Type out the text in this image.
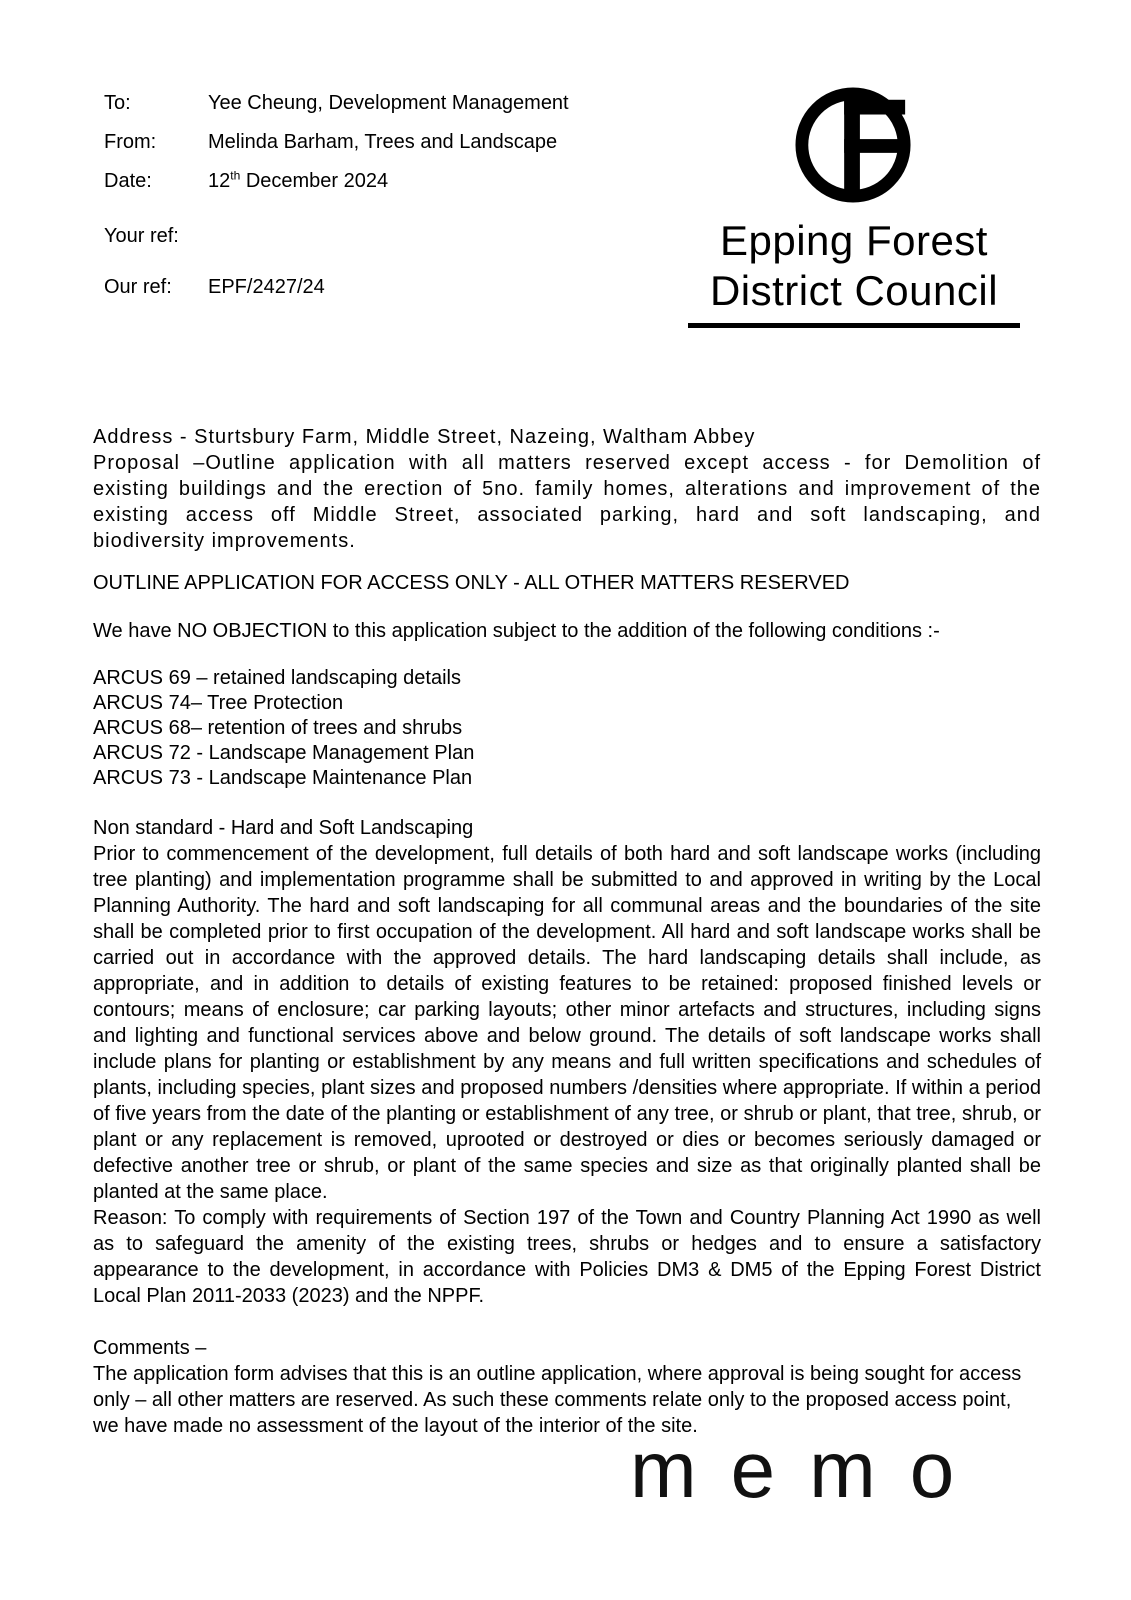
To:	Yee Cheung, Development Management
From:	Melinda Barham, Trees and Landscape
Date:	12th December 2024
Your ref:
Our ref:	EPF/2427/24
Epping Forest
District Council
Address - Sturtsbury Farm, Middle Street, Nazeing, Waltham Abbey
Proposal –Outline application with all matters reserved except access - for Demolition of existing buildings and the erection of 5no. family homes, alterations and improvement of the existing access off Middle Street, associated parking, hard and soft landscaping, and biodiversity improvements.
OUTLINE APPLICATION FOR ACCESS ONLY - ALL OTHER MATTERS RESERVED
We have NO OBJECTION to this application subject to the addition of the following conditions :-
ARCUS 69 – retained landscaping details
ARCUS 74– Tree Protection
ARCUS 68– retention of trees and shrubs
ARCUS 72 - Landscape Management Plan
ARCUS 73 - Landscape Maintenance Plan
Non standard - Hard and Soft Landscaping
Prior to commencement of the development, full details of both hard and soft landscape works (including tree planting) and implementation programme shall be submitted to and approved in writing by the Local Planning Authority. The hard and soft landscaping for all communal areas and the boundaries of the site shall be completed prior to first occupation of the development. All hard and soft landscape works shall be carried out in accordance with the approved details. The hard landscaping details shall include, as appropriate, and in addition to details of existing features to be retained: proposed finished levels or contours; means of enclosure; car parking layouts; other minor artefacts and structures, including signs and lighting and functional services above and below ground. The details of soft landscape works shall include plans for planting or establishment by any means and full written specifications and schedules of plants, including species, plant sizes and proposed numbers /densities where appropriate. If within a period of five years from the date of the planting or establishment of any tree, or shrub or plant, that tree, shrub, or plant or any replacement is removed, uprooted or destroyed or dies or becomes seriously damaged or defective another tree or shrub, or plant of the same species and size as that originally planted shall be planted at the same place.
Reason: To comply with requirements of Section 197 of the Town and Country Planning Act 1990 as well as to safeguard the amenity of the existing trees, shrubs or hedges and to ensure a satisfactory appearance to the development, in accordance with Policies DM3 & DM5 of the Epping Forest District Local Plan 2011-2033 (2023) and the NPPF.
Comments –
The application form advises that this is an outline application, where approval is being sought for access only – all other matters are reserved. As such these comments relate only to the proposed access point, we have made no assessment of the layout of the interior of the site.
memo
